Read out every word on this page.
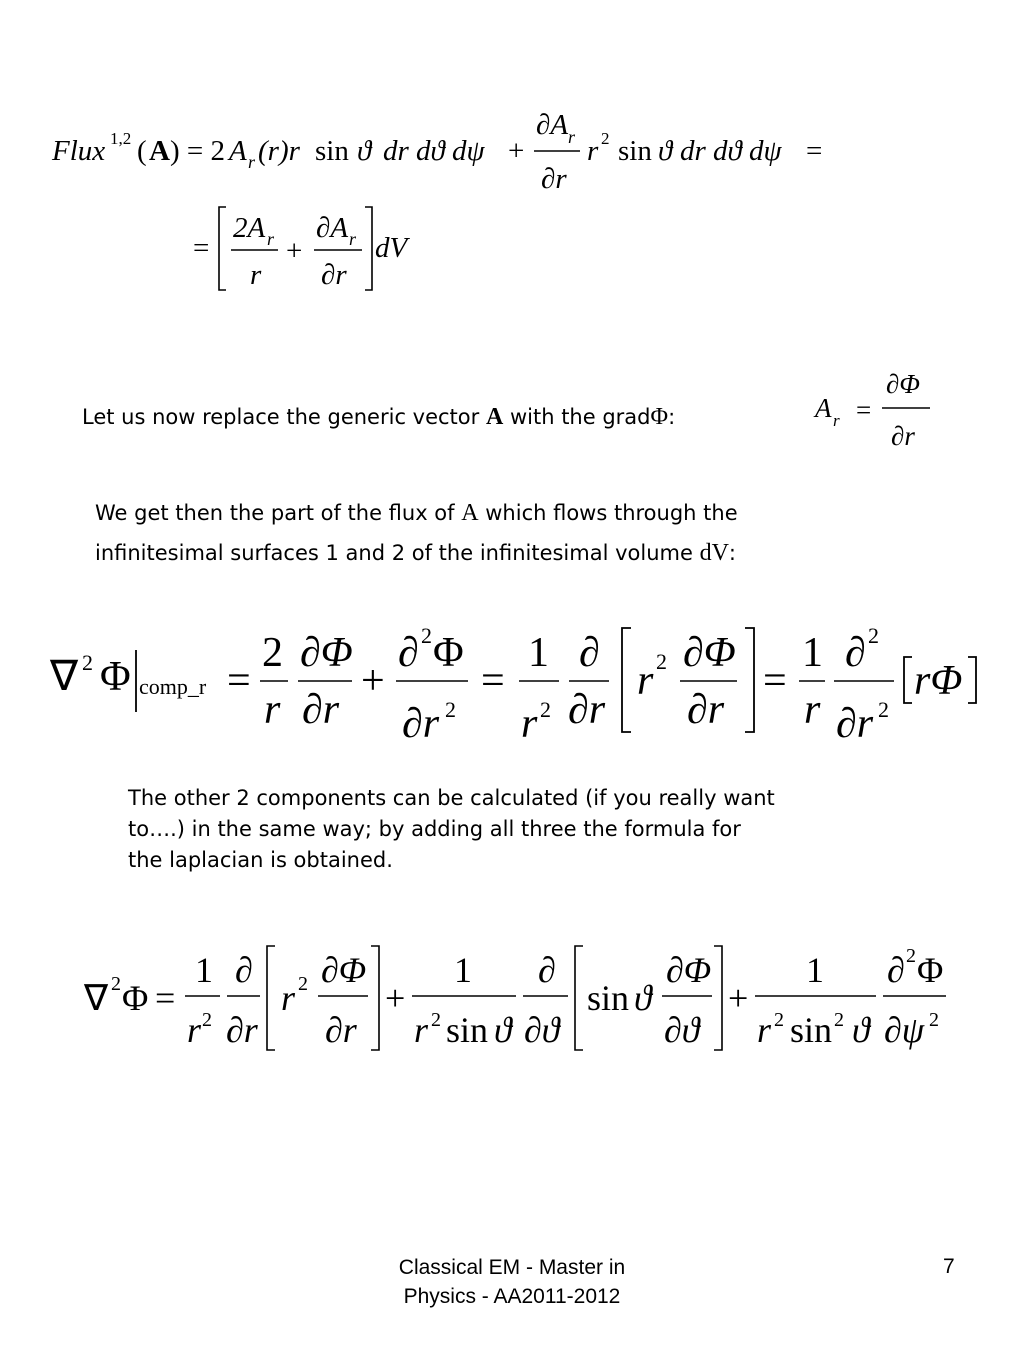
Flux 1,2 ( A ) = 2 A r (r)r sin ϑ dr dϑ dψ +
∂A r
∂r
r 2 sin ϑ dr dϑ dψ =
=
2A r
r
+
∂A r
∂r
dV
Let us now replace the generic vector A with the gradΦ:	A r =
∂Φ
∂r
We get then the part of the flux of A which flows through the
infinitesimal surfaces 1 and 2 of the infinitesimal volume dV:
∇ 2 Φ comp_r =
2
r
∂Φ
∂r
+
∂ 2 Φ
∂r 2
=
1
r 2
∂
∂r
r 2 ∂Φ
∂r
=
1
r
∂ 2
∂r 2
rΦ
The other 2 components can be calculated (if you really want
to….) in the same way; by adding all three the formula for
the laplacian is obtained.
∇ 2 Φ =
1
r 2
∂
∂r
r 2 ∂Φ
∂r
+
1
r 2 sin ϑ
∂
∂ϑ
sin ϑ
∂Φ
∂ϑ
+
1
r 2 sin 2 ϑ
∂ 2 Φ
∂ψ 2
Classical EM - Master in
Physics - AA2011-2012
7
